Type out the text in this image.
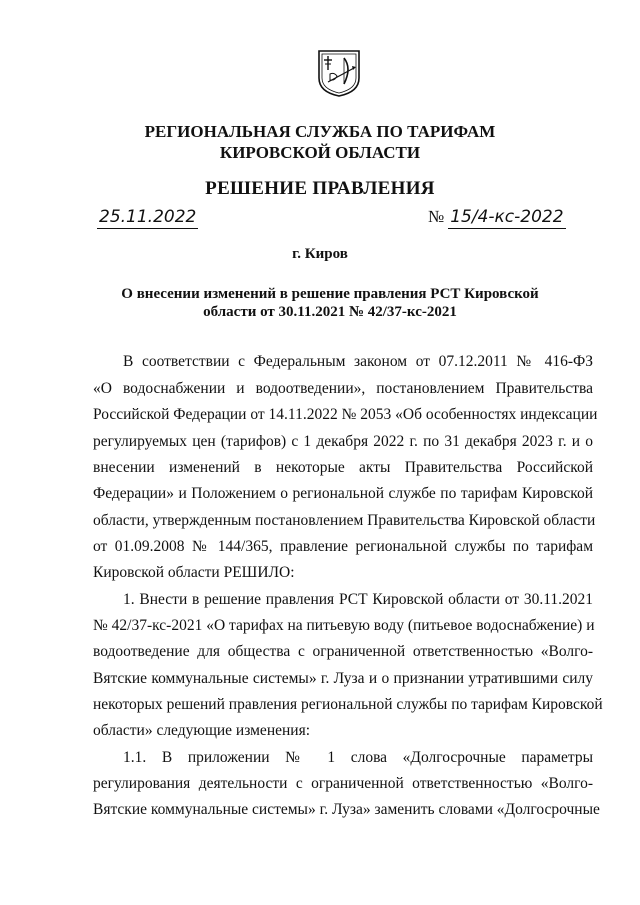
РЕГИОНАЛЬНАЯ СЛУЖБА ПО ТАРИФАМ
КИРОВСКОЙ ОБЛАСТИ
РЕШЕНИЕ ПРАВЛЕНИЯ
25.11.2022	№ 15/4-кс-2022
г. Киров
О внесении изменений в решение правления РСТ Кировской
области от 30.11.2021 № 42/37-кс-2021
В соответствии с Федеральным законом от 07.12.2011 № 416-ФЗ
«О водоснабжении и водоотведении», постановлением Правительства
Российской Федерации от 14.11.2022 № 2053 «Об особенностях индексации
регулируемых цен (тарифов) с 1 декабря 2022 г. по 31 декабря 2023 г. и о
внесении изменений в некоторые акты Правительства Российской
Федерации» и Положением о региональной службе по тарифам Кировской
области, утвержденным постановлением Правительства Кировской области
от 01.09.2008 № 144/365, правление региональной службы по тарифам
Кировской области РЕШИЛО:
1. Внести в решение правления РСТ Кировской области от 30.11.2021
№ 42/37-кс-2021 «О тарифах на питьевую воду (питьевое водоснабжение) и
водоотведение для общества с ограниченной ответственностью «Волго-
Вятские коммунальные системы» г. Луза и о признании утратившими силу
некоторых решений правления региональной службы по тарифам Кировской
области» следующие изменения:
1.1. В приложении № 1 слова «Долгосрочные параметры
регулирования деятельности с ограниченной ответственностью «Волго-
Вятские коммунальные системы» г. Луза» заменить словами «Долгосрочные
